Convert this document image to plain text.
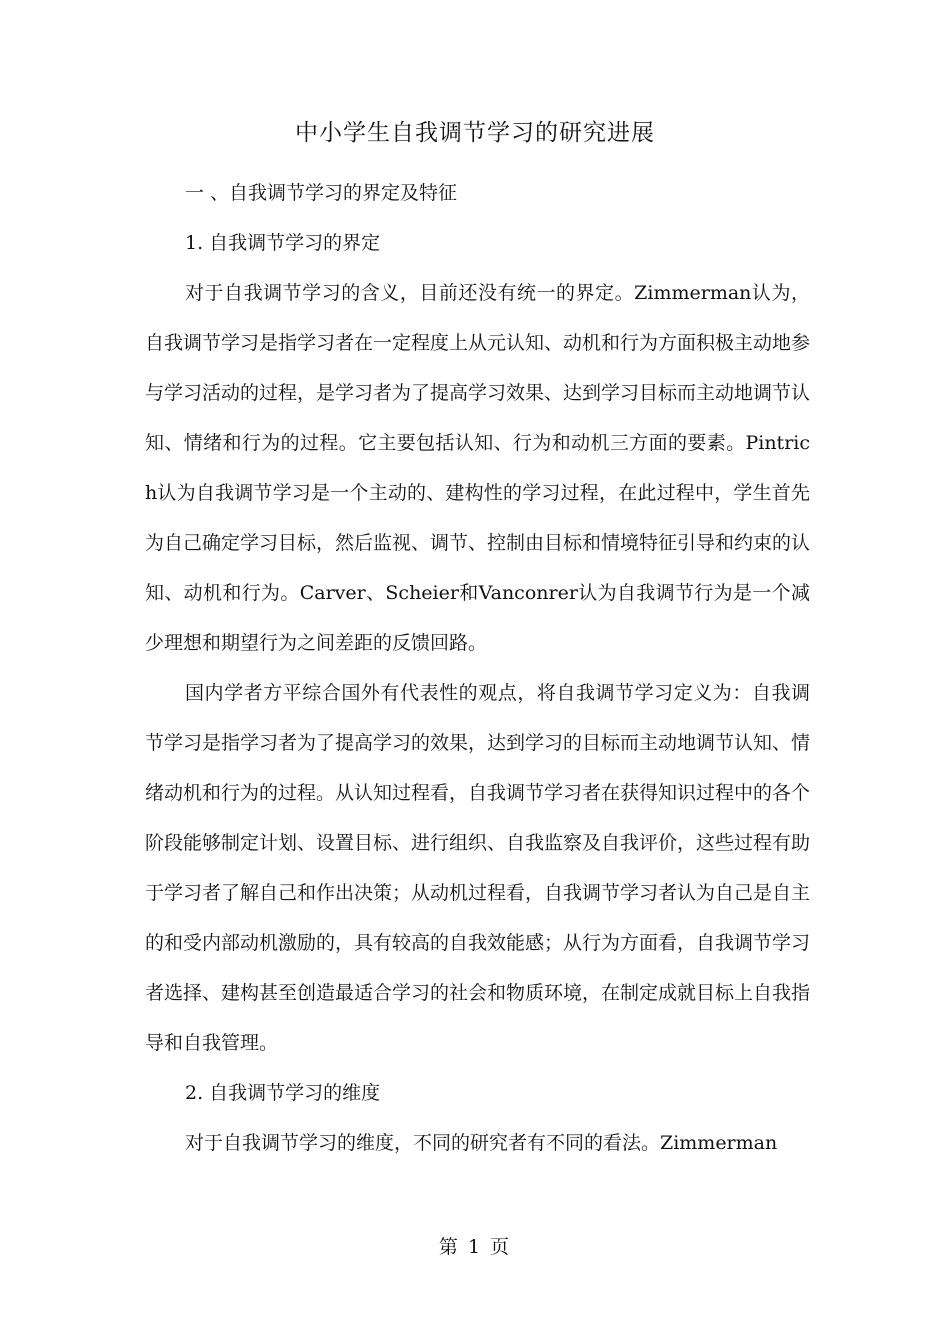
中小学生自我调节学习的研究进展

一 、自我调节学习的界定及特征

1. 自我调节学习的界定

对于自我调节学习的含义，目前还没有统一的界定。Zimmerman认为，自我调节学习是指学习者在一定程度上从元认知、动机和行为方面积极主动地参与学习活动的过程，是学习者为了提高学习效果、达到学习目标而主动地调节认知、情绪和行为的过程。它主要包括认知、行为和动机三方面的要素。Pintrich认为自我调节学习是一个主动的、建构性的学习过程，在此过程中，学生首先为自己确定学习目标，然后监视、调节、控制由目标和情境特征引导和约束的认知、动机和行为。Carver、Scheier和Vanconrer认为自我调节行为是一个减少理想和期望行为之间差距的反馈回路。

国内学者方平综合国外有代表性的观点，将自我调节学习定义为：自我调节学习是指学习者为了提高学习的效果，达到学习的目标而主动地调节认知、情绪动机和行为的过程。从认知过程看，自我调节学习者在获得知识过程中的各个阶段能够制定计划、设置目标、进行组织、自我监察及自我评价，这些过程有助于学习者了解自己和作出决策；从动机过程看，自我调节学习者认为自己是自主的和受内部动机激励的，具有较高的自我效能感；从行为方面看，自我调节学习者选择、建构甚至创造最适合学习的社会和物质环境，在制定成就目标上自我指导和自我管理。

2. 自我调节学习的维度

对于自我调节学习的维度，不同的研究者有不同的看法。Zimmerman

第 1 页
